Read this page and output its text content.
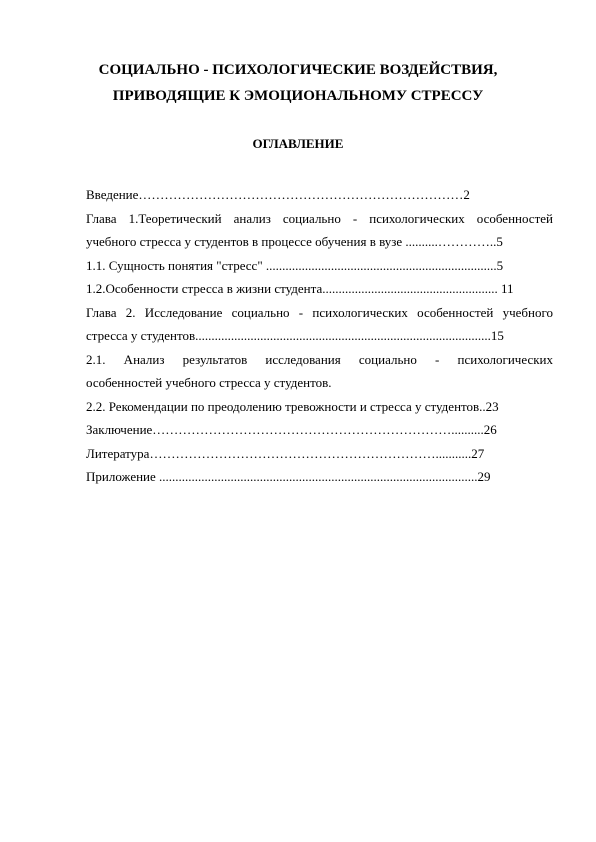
СОЦИАЛЬНО - ПСИХОЛОГИЧЕСКИЕ ВОЗДЕЙСТВИЯ,
ПРИВОДЯЩИЕ К ЭМОЦИОНАЛЬНОМУ СТРЕССУ
ОГЛАВЛЕНИЕ
Введение…………………………………………………………………2
Глава 1.Теоретический анализ социально - психологических особенностей
учебного стресса у студентов в процессе обучения в вузе ..........…………..5
1.1. Сущность понятия "стресс" .......................................................................5
1.2.Особенности стресса в жизни студента...................................................... 11
Глава 2. Исследование социально - психологических особенностей учебного
стресса у студентов...........................................................................................15
2.1. Анализ результатов исследования социально - психологических
особенностей учебного стресса у студентов.
2.2. Рекомендации по преодолению тревожности и стресса у студентов..23
Заключение……………………………………………………………..........26
Литература…………………………………………………………...........27
Приложение ..................................................................................................29
